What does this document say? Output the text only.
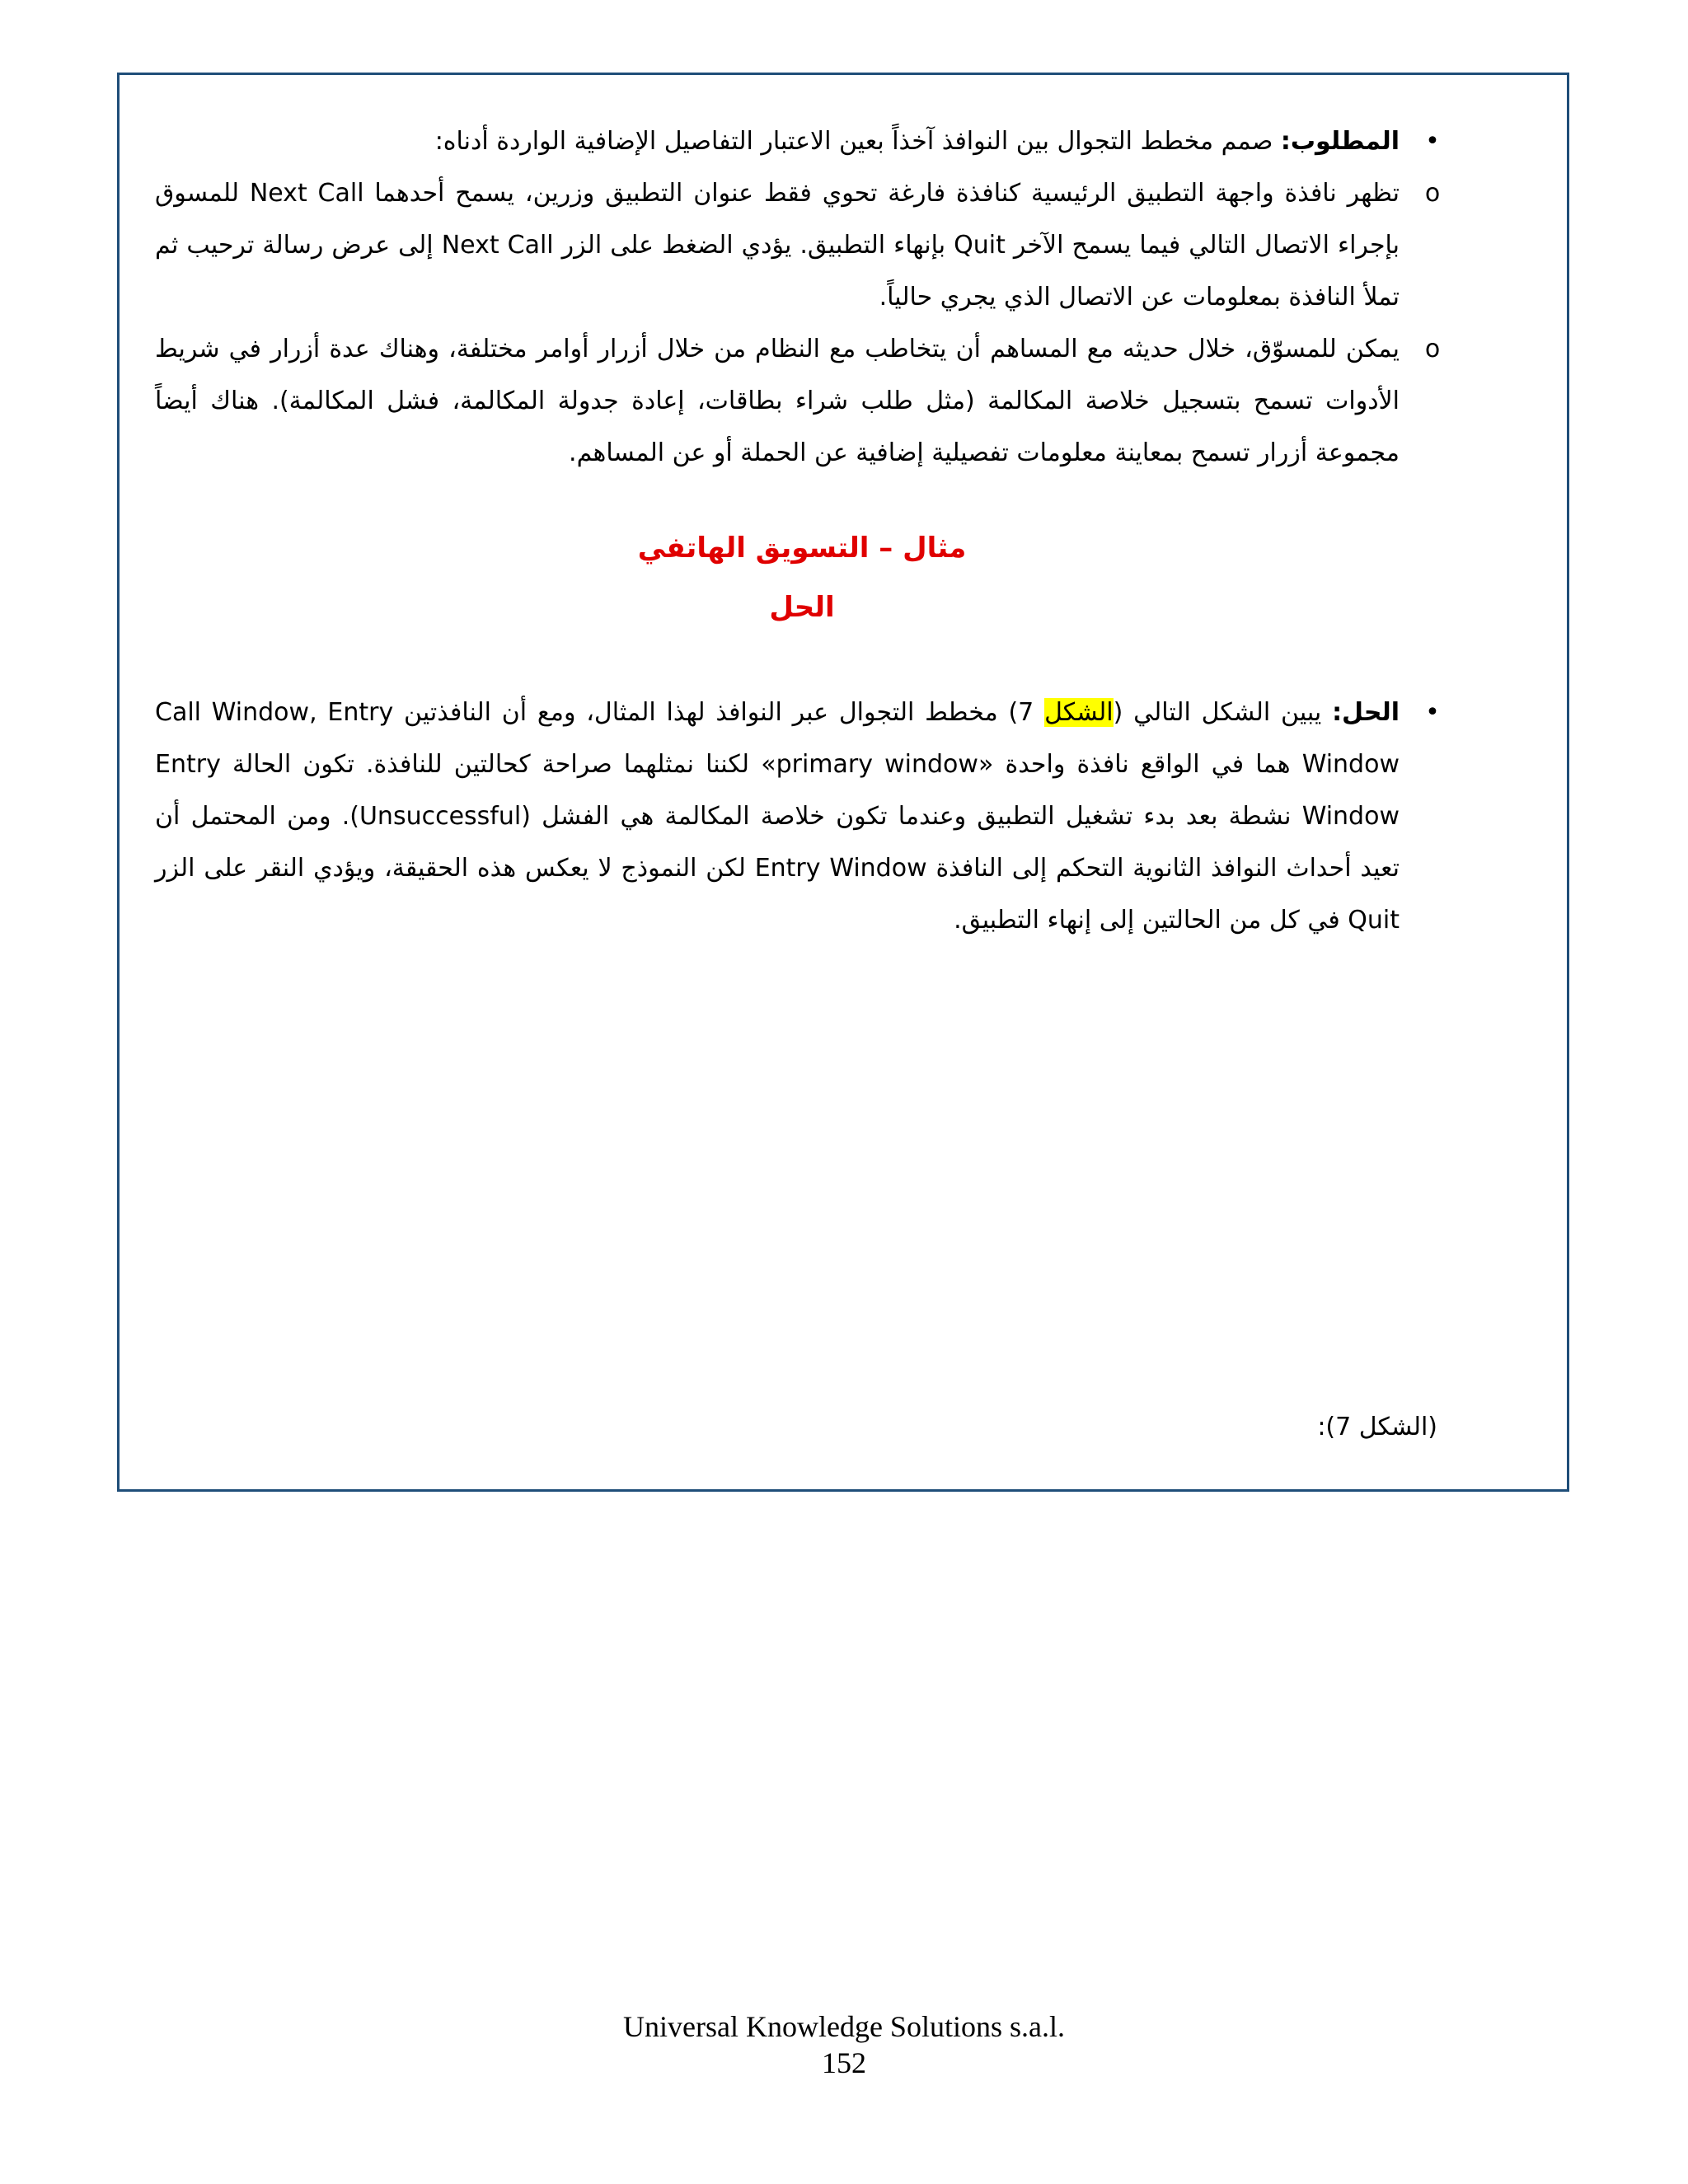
•

المطلوب: صمم مخطط التجوال بين النوافذ آخذاً بعين الاعتبار التفاصيل الإضافية الواردة أدناه:

o

تظهر نافذة واجهة التطبيق الرئيسية كنافذة فارغة تحوي فقط عنوان التطبيق وزرين، يسمح أحدهما Next Call للمسوق بإجراء الاتصال التالي فيما يسمح الآخر Quit بإنهاء التطبيق. يؤدي الضغط على الزر Next Call إلى عرض رسالة ترحيب ثم تملأ النافذة بمعلومات عن الاتصال الذي يجري حالياً.

o

يمكن للمسوّق، خلال حديثه مع المساهم أن يتخاطب مع النظام من خلال أزرار أوامر مختلفة، وهناك عدة أزرار في شريط الأدوات تسمح بتسجيل خلاصة المكالمة (مثل طلب شراء بطاقات، إعادة جدولة المكالمة، فشل المكالمة). هناك أيضاً مجموعة أزرار تسمح بمعاينة معلومات تفصيلية إضافية عن الحملة أو عن المساهم.

مثال – التسويق الهاتفي
الحل
•

الحل: يبين الشكل التالي (الشكل 7) مخطط التجوال عبر النوافذ لهذا المثال، ومع أن النافذتين Call Window, Entry Window هما في الواقع نافذة واحدة «primary window» لكننا نمثلهما صراحة كحالتين للنافذة. تكون الحالة Entry Window نشطة بعد بدء تشغيل التطبيق وعندما تكون خلاصة المكالمة هي الفشل (Unsuccessful). ومن المحتمل أن تعيد أحداث النوافذ الثانوية التحكم إلى النافذة Entry Window لكن النموذج لا يعكس هذه الحقيقة، ويؤدي النقر على الزر Quit في كل من الحالتين إلى إنهاء التطبيق.

(الشكل 7):
Universal Knowledge Solutions s.a.l.
152
